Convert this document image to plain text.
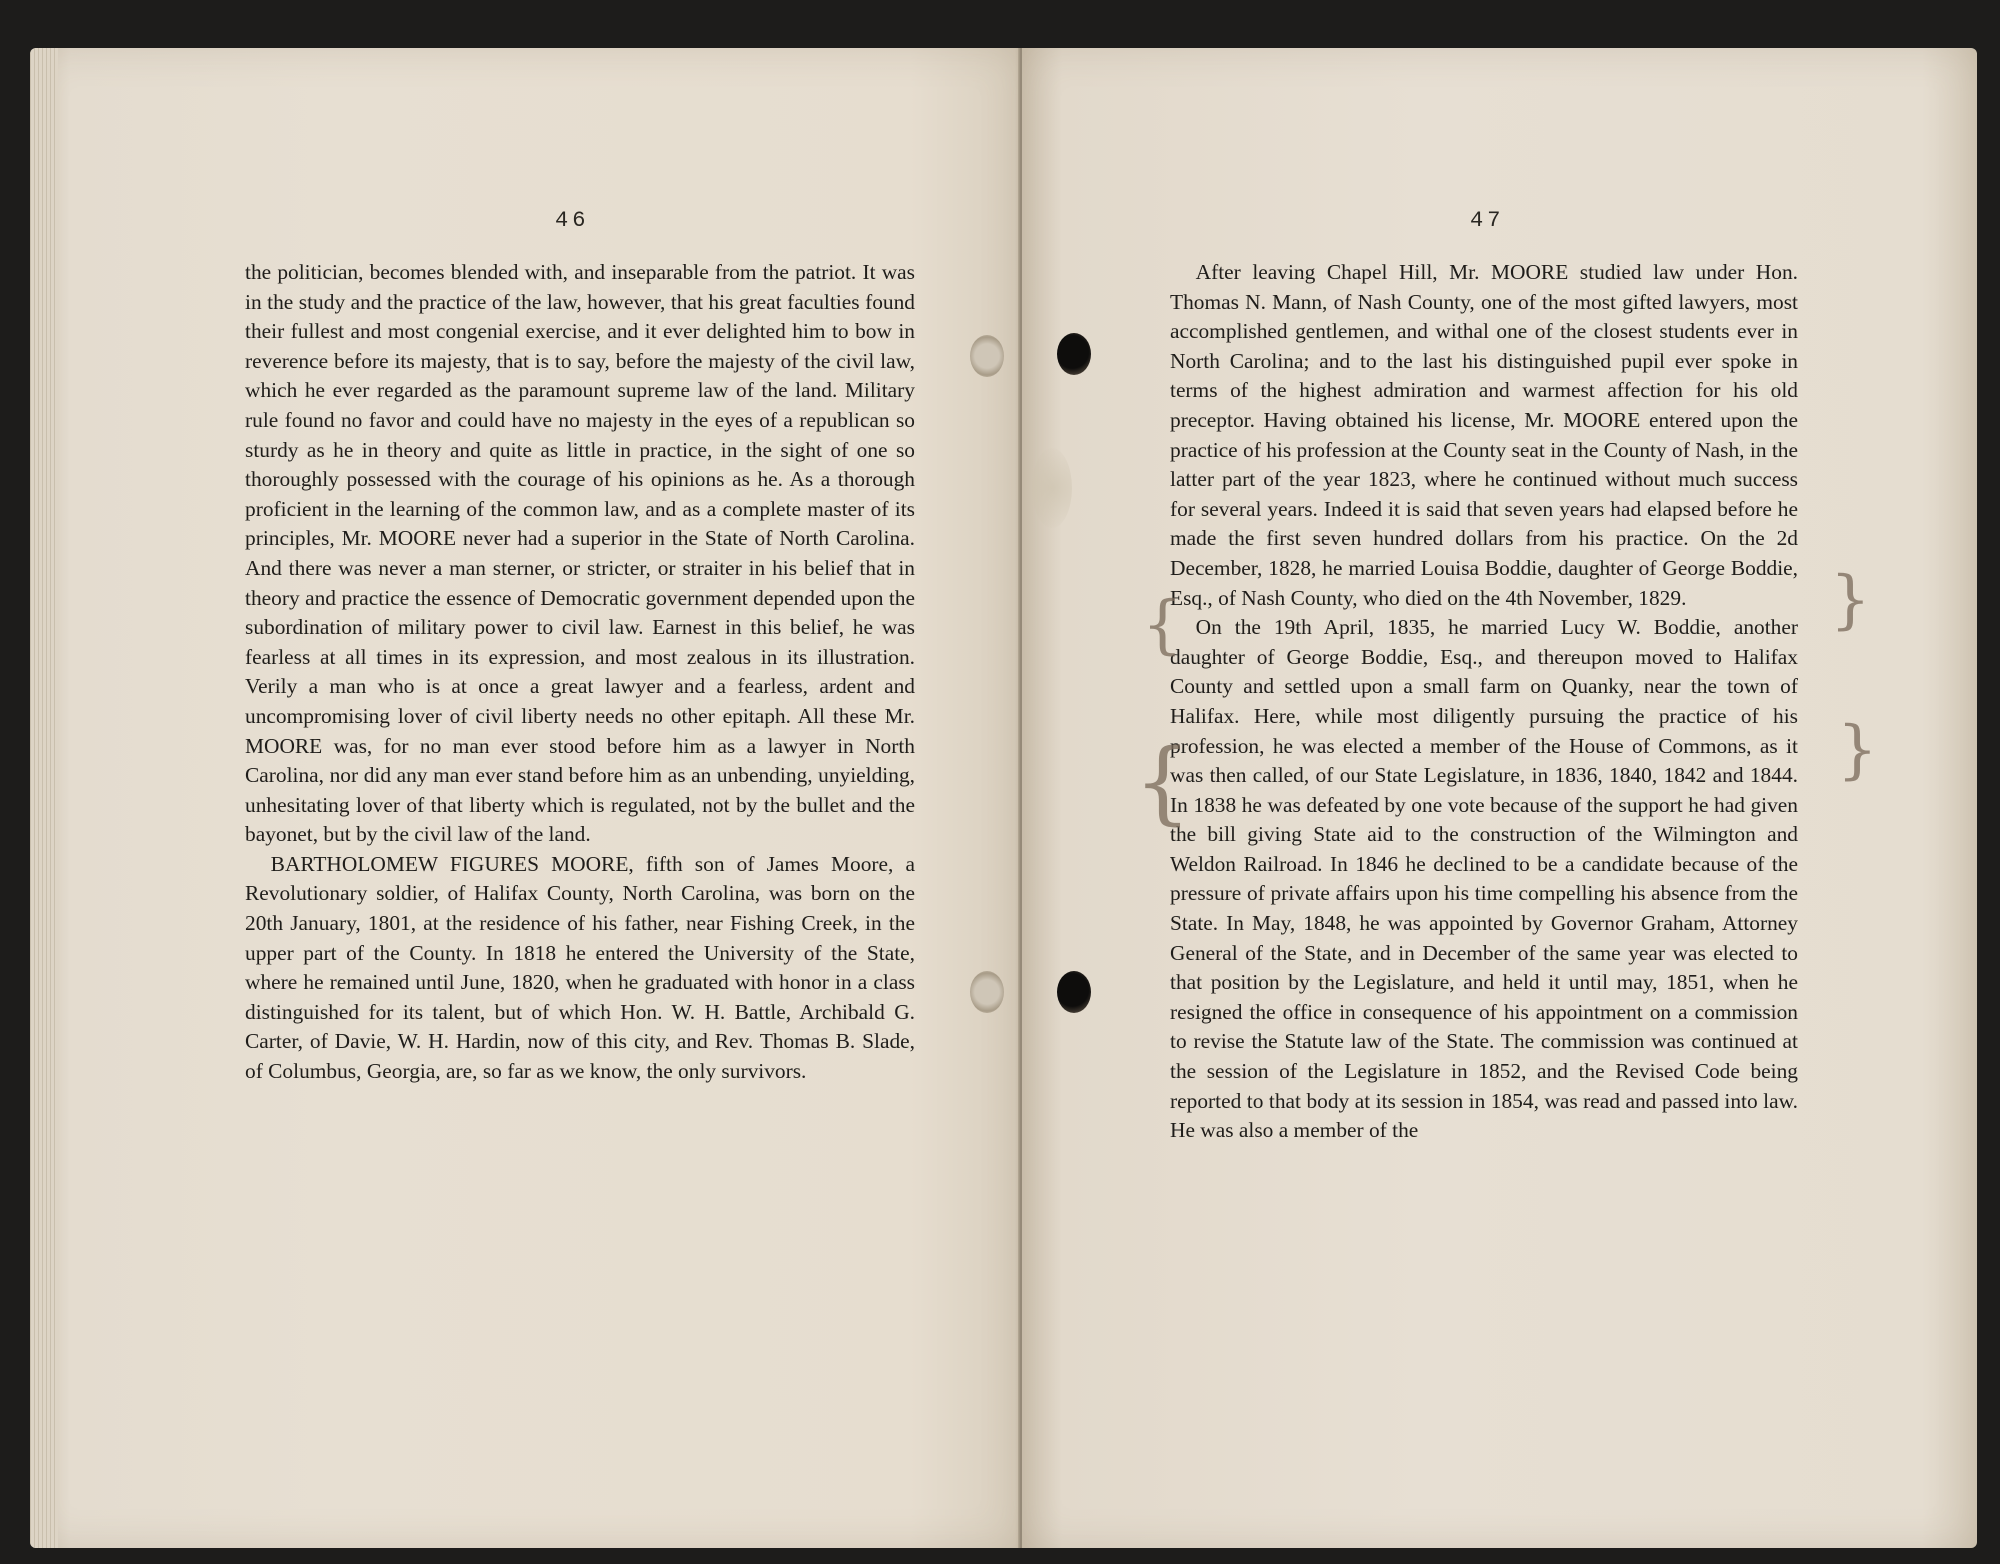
46

the politician, becomes blended with, and inseparable from the patriot. It was in the study and the practice of the law, however, that his great faculties found their fullest and most congenial exercise, and it ever delighted him to bow in reverence before its majesty, that is to say, before the majesty of the civil law, which he ever regarded as the paramount supreme law of the land. Military rule found no favor and could have no majesty in the eyes of a republican so sturdy as he in theory and quite as little in practice, in the sight of one so thoroughly possessed with the courage of his opinions as he. As a thorough proficient in the learning of the common law, and as a complete master of its principles, Mr. MOORE never had a superior in the State of North Carolina. And there was never a man sterner, or stricter, or straiter in his belief that in theory and practice the essence of Democratic government depended upon the subordination of military power to civil law. Earnest in this belief, he was fearless at all times in its expression, and most zealous in its illustration. Verily a man who is at once a great lawyer and a fearless, ardent and uncompromising lover of civil liberty needs no other epitaph. All these Mr. MOORE was, for no man ever stood before him as a lawyer in North Carolina, nor did any man ever stand before him as an unbending, unyielding, unhesitating lover of that liberty which is regulated, not by the bullet and the bayonet, but by the civil law of the land.

BARTHOLOMEW FIGURES MOORE, fifth son of James Moore, a Revolutionary soldier, of Halifax County, North Carolina, was born on the 20th January, 1801, at the residence of his father, near Fishing Creek, in the upper part of the County. In 1818 he entered the University of the State, where he remained until June, 1820, when he graduated with honor in a class distinguished for its talent, but of which Hon. W. H. Battle, Archibald G. Carter, of Davie, W. H. Hardin, now of this city, and Rev. Thomas B. Slade, of Columbus, Georgia, are, so far as we know, the only survivors.

47

After leaving Chapel Hill, Mr. MOORE studied law under Hon. Thomas N. Mann, of Nash County, one of the most gifted lawyers, most accomplished gentlemen, and withal one of the closest students ever in North Carolina; and to the last his distinguished pupil ever spoke in terms of the highest admiration and warmest affection for his old preceptor. Having obtained his license, Mr. MOORE entered upon the practice of his profession at the County seat in the County of Nash, in the latter part of the year 1823, where he continued without much success for several years. Indeed it is said that seven years had elapsed before he made the first seven hundred dollars from his practice. On the 2d December, 1828, he married Louisa Boddie, daughter of George Boddie, Esq., of Nash County, who died on the 4th November, 1829.

On the 19th April, 1835, he married Lucy W. Boddie, another daughter of George Boddie, Esq., and thereupon moved to Halifax County and settled upon a small farm on Quanky, near the town of Halifax. Here, while most diligently pursuing the practice of his profession, he was elected a member of the House of Commons, as it was then called, of our State Legislature, in 1836, 1840, 1842 and 1844. In 1838 he was defeated by one vote because of the support he had given the bill giving State aid to the construction of the Wilmington and Weldon Railroad. In 1846 he declined to be a candidate because of the pressure of private affairs upon his time compelling his absence from the State. In May, 1848, he was appointed by Governor Graham, Attorney General of the State, and in December of the same year was elected to that position by the Legislature, and held it until may, 1851, when he resigned the office in consequence of his appointment on a commission to revise the Statute law of the State. The commission was continued at the session of the Legislature in 1852, and the Revised Code being reported to that body at its session in 1854, was read and passed into law. He was also a member of the

{	}
{	}
